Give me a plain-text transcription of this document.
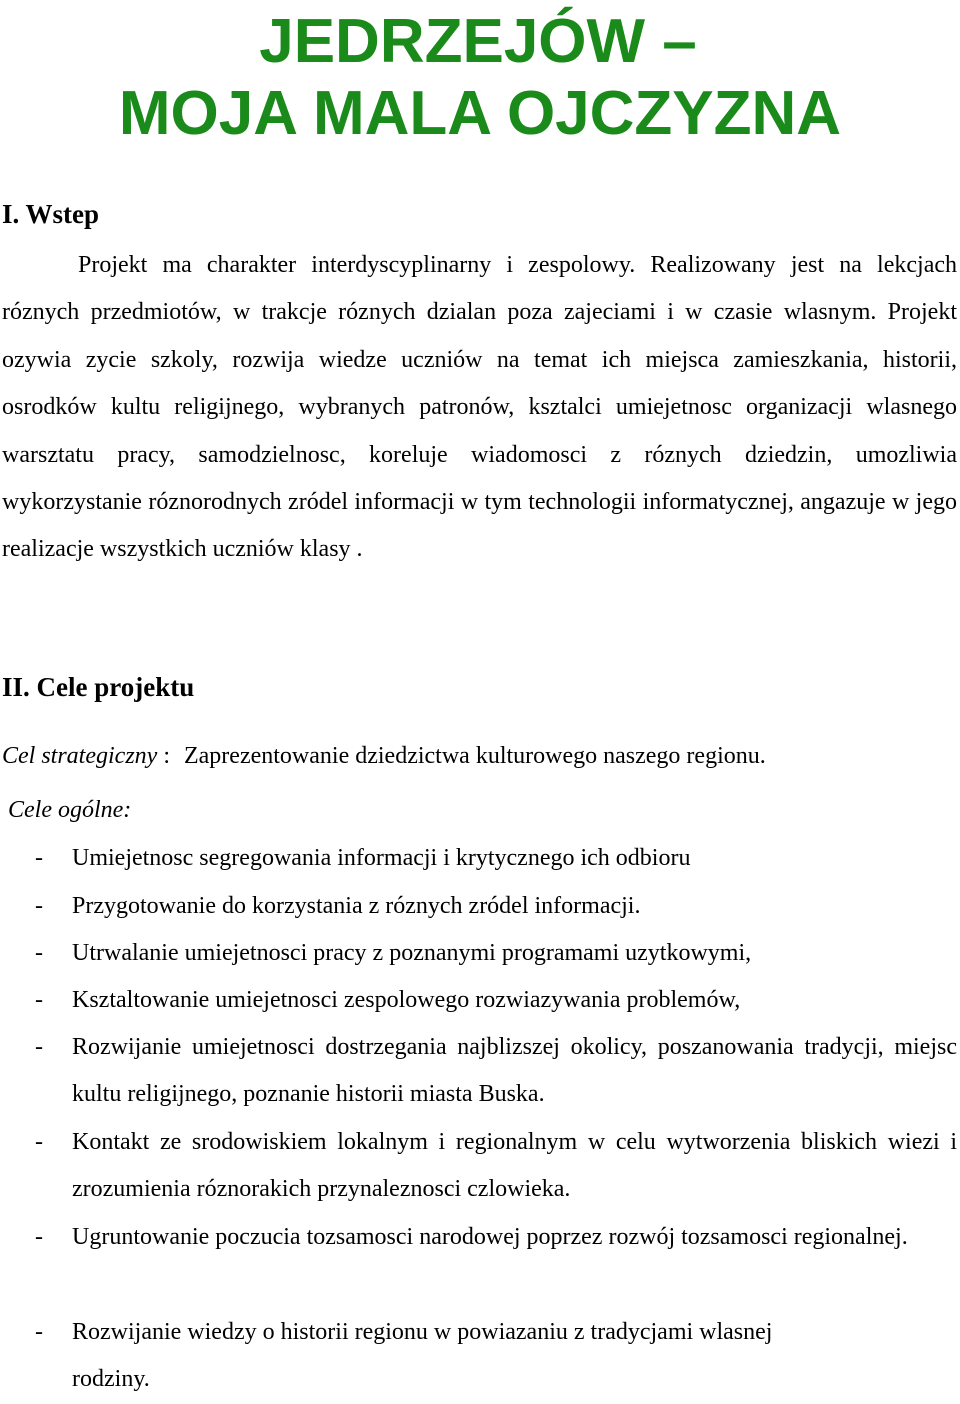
JEDRZEJÓW –
MOJA MALA OJCZYZNA
I. Wstep

Projekt ma charakter interdyscyplinarny i zespolowy. Realizowany jest na lekcjach róznych przedmiotów, w trakcje róznych dzialan poza zajeciami i w czasie wlasnym. Projekt ozywia zycie szkoly, rozwija wiedze uczniów na temat ich miejsca zamieszkania, historii, osrodków kultu religijnego, wybranych patronów, ksztalci umiejetnosc organizacji wlasnego warsztatu pracy, samodzielnosc, koreluje wiadomosci z róznych dziedzin, umozliwia wykorzystanie róznorodnych zródel informacji w tym technologii informatycznej, angazuje w jego realizacje wszystkich uczniów klasy .

II. Cele projektu

Cel strategiczny : Zaprezentowanie dziedzictwa kulturowego naszego regionu.

Cele ogólne:

- Umiejetnosc segregowania informacji i krytycznego ich odbioru
- Przygotowanie do korzystania z róznych zródel informacji.
- Utrwalanie umiejetnosci pracy z poznanymi programami uzytkowymi,
- Ksztaltowanie umiejetnosci zespolowego rozwiazywania problemów,
- Rozwijanie umiejetnosci dostrzegania najblizszej okolicy, poszanowania tradycji, miejsc kultu religijnego, poznanie historii miasta Buska.
- Kontakt ze srodowiskiem lokalnym i regionalnym w celu wytworzenia bliskich wiezi i zrozumienia róznorakich przynaleznosci czlowieka.
- Ugruntowanie poczucia tozsamosci narodowej poprzez rozwój tozsamosci regionalnej.
- Rozwijanie wiedzy o historii regionu w powiazaniu z tradycjami wlasnej rodziny.
